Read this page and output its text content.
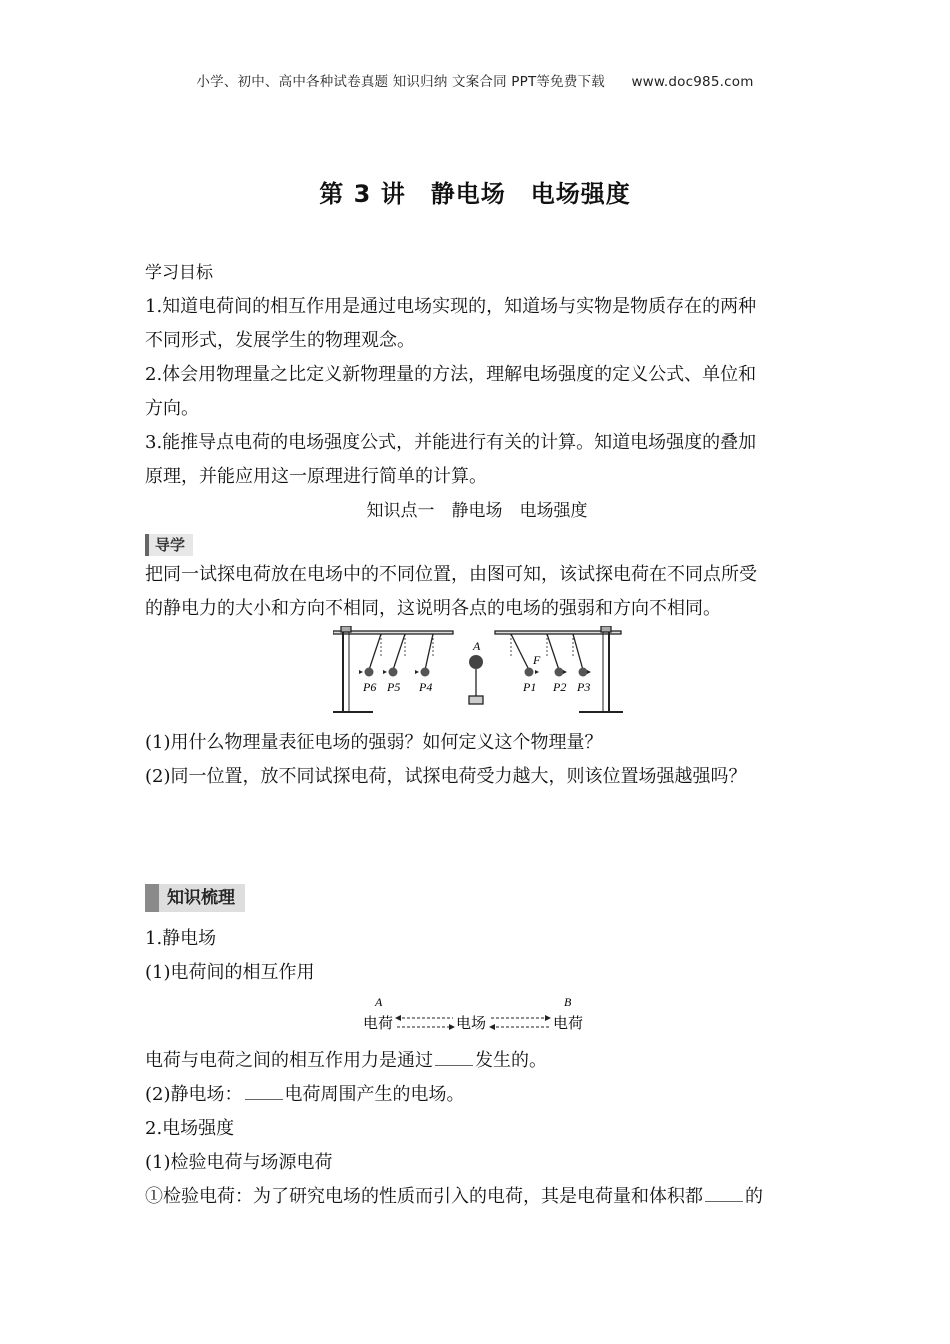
小学、初中、高中各种试卷真题 知识归纳 文案合同 PPT等免费下载 www.doc985.com
第 3 讲　静电场　电场强度
学习目标
1.知道电荷间的相互作用是通过电场实现的，知道场与实物是物质存在的两种
不同形式，发展学生的物理观念。
2.体会用物理量之比定义新物理量的方法，理解电场强度的定义公式、单位和
方向。
3.能推导点电荷的电场强度公式，并能进行有关的计算。知道电场强度的叠加
原理，并能应用这一原理进行简单的计算。
知识点一　静电场　电场强度
导学
把同一试探电荷放在电场中的不同位置，由图可知，该试探电荷在不同点所受
的静电力的大小和方向不相同，这说明各点的电场的强弱和方向不相同。
P6 P5 P4
A
F
P1 P2 P3
(1)用什么物理量表征电场的强弱？如何定义这个物理量？
(2)同一位置，放不同试探电荷，试探电荷受力越大，则该位置场强越强吗？
知识梳理
1.静电场
(1)电荷间的相互作用
A	B
电荷	电场	电荷
电荷与电荷之间的相互作用力是通过 发生的。
(2)静电场： 电荷周围产生的电场。
2.电场强度
(1)检验电荷与场源电荷
①检验电荷：为了研究电场的性质而引入的电荷，其是电荷量和体积都 的
